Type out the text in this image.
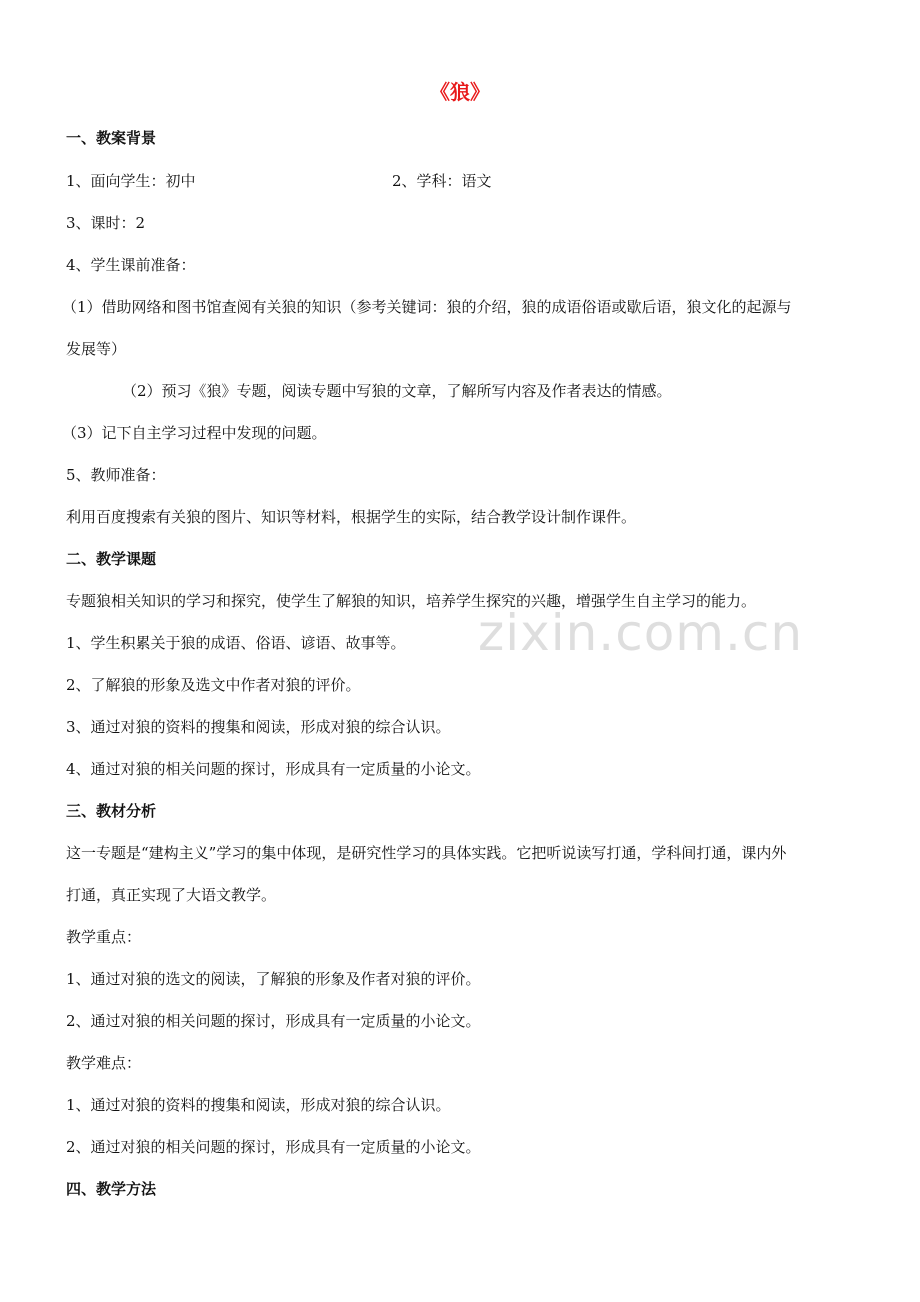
zixin.com.cn
《狼》
一、教案背景
1、面向学生：初中	2、学科：语文
3、课时：2
4、学生课前准备：
（1）借助网络和图书馆查阅有关狼的知识（参考关键词：狼的介绍，狼的成语俗语或歇后语，狼文化的起源与
发展等）
（2）预习《狼》专题，阅读专题中写狼的文章，了解所写内容及作者表达的情感。
（3）记下自主学习过程中发现的问题。
5、教师准备：
利用百度搜索有关狼的图片、知识等材料，根据学生的实际，结合教学设计制作课件。
二、教学课题
专题狼相关知识的学习和探究，使学生了解狼的知识，培养学生探究的兴趣，增强学生自主学习的能力。
1、学生积累关于狼的成语、俗语、谚语、故事等。
2、了解狼的形象及选文中作者对狼的评价。
3、通过对狼的资料的搜集和阅读，形成对狼的综合认识。
4、通过对狼的相关问题的探讨，形成具有一定质量的小论文。
三、教材分析
这一专题是“建构主义”学习的集中体现，是研究性学习的具体实践。它把听说读写打通，学科间打通，课内外
打通，真正实现了大语文教学。
教学重点：
1、通过对狼的选文的阅读，了解狼的形象及作者对狼的评价。
2、通过对狼的相关问题的探讨，形成具有一定质量的小论文。
教学难点：
1、通过对狼的资料的搜集和阅读，形成对狼的综合认识。
2、通过对狼的相关问题的探讨，形成具有一定质量的小论文。
四、教学方法
